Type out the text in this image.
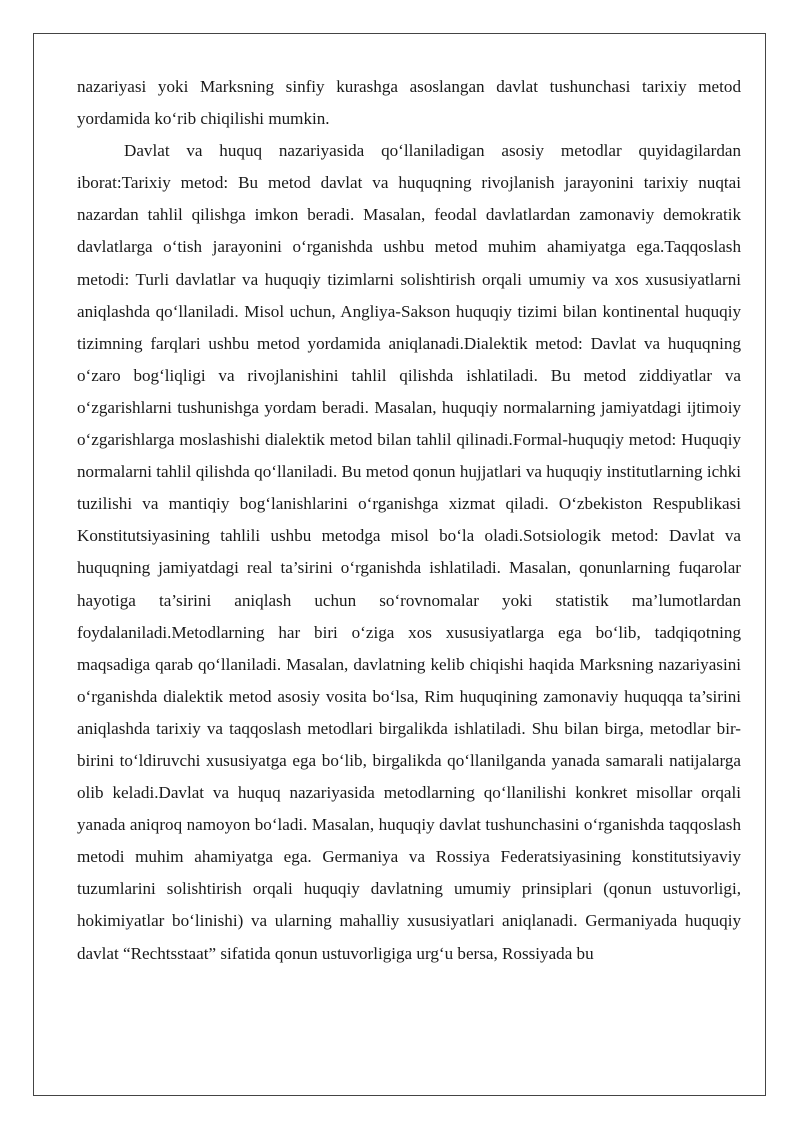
nazariyasi yoki Marksning sinfiy kurashga asoslangan davlat tushunchasi tarixiy metod yordamida ko‘rib chiqilishi mumkin.

Davlat va huquq nazariyasida qo‘llaniladigan asosiy metodlar quyidagilardan iborat:Tarixiy metod: Bu metod davlat va huquqning rivojlanish jarayonini tarixiy nuqtai nazardan tahlil qilishga imkon beradi. Masalan, feodal davlatlardan zamonaviy demokratik davlatlarga o‘tish jarayonini o‘rganishda ushbu metod muhim ahamiyatga ega.Taqqoslash metodi: Turli davlatlar va huquqiy tizimlarni solishtirish orqali umumiy va xos xususiyatlarni aniqlashda qo‘llaniladi. Misol uchun, Angliya-Sakson huquqiy tizimi bilan kontinental huquqiy tizimning farqlari ushbu metod yordamida aniqlanadi.Dialektik metod: Davlat va huquqning o‘zaro bog‘liqligi va rivojlanishini tahlil qilishda ishlatiladi. Bu metod ziddiyatlar va o‘zgarishlarni tushunishga yordam beradi. Masalan, huquqiy normalarning jamiyatdagi ijtimoiy o‘zgarishlarga moslashishi dialektik metod bilan tahlil qilinadi.Formal-huquqiy metod: Huquqiy normalarni tahlil qilishda qo‘llaniladi. Bu metod qonun hujjatlari va huquqiy institutlarning ichki tuzilishi va mantiqiy bog‘lanishlarini o‘rganishga xizmat qiladi. O‘zbekiston Respublikasi Konstitutsiyasining tahlili ushbu metodga misol bo‘la oladi.Sotsiologik metod: Davlat va huquqning jamiyatdagi real ta’sirini o‘rganishda ishlatiladi. Masalan, qonunlarning fuqarolar hayotiga ta’sirini aniqlash uchun so‘rovnomalar yoki statistik ma’lumotlardan foydalaniladi.Metodlarning har biri o‘ziga xos xususiyatlarga ega bo‘lib, tadqiqotning maqsadiga qarab qo‘llaniladi. Masalan, davlatning kelib chiqishi haqida Marksning nazariyasini o‘rganishda dialektik metod asosiy vosita bo‘lsa, Rim huquqining zamonaviy huquqqa ta’sirini aniqlashda tarixiy va taqqoslash metodlari birgalikda ishlatiladi. Shu bilan birga, metodlar bir-birini to‘ldiruvchi xususiyatga ega bo‘lib, birgalikda qo‘llanilganda yanada samarali natijalarga olib keladi.Davlat va huquq nazariyasida metodlarning qo‘llanilishi konkret misollar orqali yanada aniqroq namoyon bo‘ladi. Masalan, huquqiy davlat tushunchasini o‘rganishda taqqoslash metodi muhim ahamiyatga ega. Germaniya va Rossiya Federatsiyasining konstitutsiyaviy tuzumlarini solishtirish orqali huquqiy davlatning umumiy prinsiplari (qonun ustuvorligi, hokimiyatlar bo‘linishi) va ularning mahalliy xususiyatlari aniqlanadi. Germaniyada huquqiy davlat “Rechtsstaat” sifatida qonun ustuvorligiga urg‘u bersa, Rossiyada bu
